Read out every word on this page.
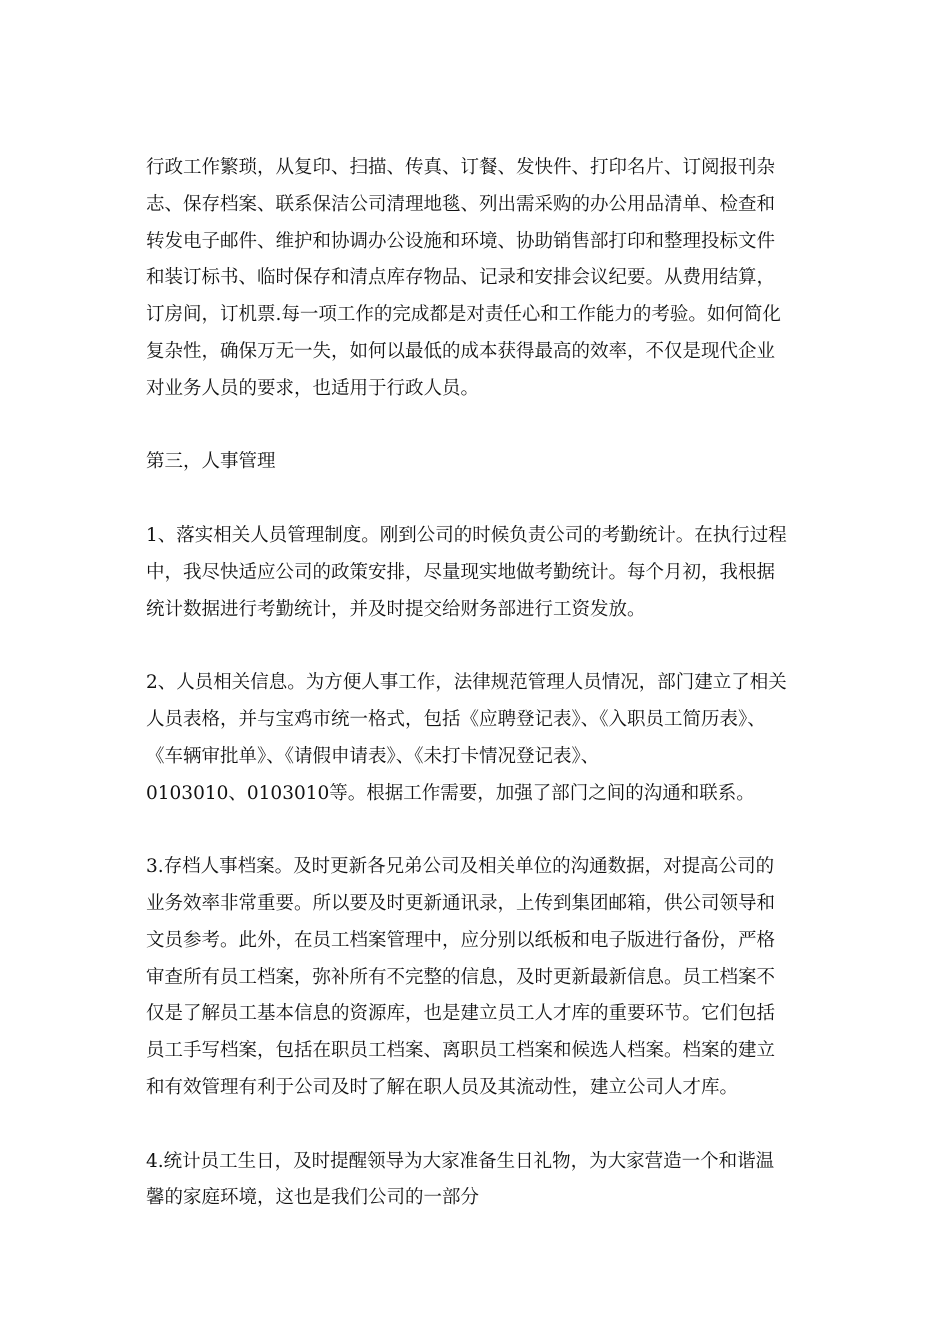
行政工作繁琐，从复印、扫描、传真、订餐、发快件、打印名片、订阅报刊杂
志、保存档案、联系保洁公司清理地毯、列出需采购的办公用品清单、检查和
转发电子邮件、维护和协调办公设施和环境、协助销售部打印和整理投标文件
和装订标书、临时保存和清点库存物品、记录和安排会议纪要。从费用结算，
订房间，订机票.每一项工作的完成都是对责任心和工作能力的考验。如何简化
复杂性，确保万无一失，如何以最低的成本获得最高的效率，不仅是现代企业
对业务人员的要求，也适用于行政人员。
第三，人事管理
1、落实相关人员管理制度。刚到公司的时候负责公司的考勤统计。在执行过程
中，我尽快适应公司的政策安排，尽量现实地做考勤统计。每个月初，我根据
统计数据进行考勤统计，并及时提交给财务部进行工资发放。
2、人员相关信息。为方便人事工作，法律规范管理人员情况，部门建立了相关
人员表格，并与宝鸡市统一格式，包括《应聘登记表》、《入职员工简历表》、
《车辆审批单》、《请假申请表》、《未打卡情况登记表》、
0103010、0103010等。根据工作需要，加强了部门之间的沟通和联系。
3.存档人事档案。及时更新各兄弟公司及相关单位的沟通数据，对提高公司的
业务效率非常重要。所以要及时更新通讯录，上传到集团邮箱，供公司领导和
文员参考。此外，在员工档案管理中，应分别以纸板和电子版进行备份，严格
审查所有员工档案，弥补所有不完整的信息，及时更新最新信息。员工档案不
仅是了解员工基本信息的资源库，也是建立员工人才库的重要环节。它们包括
员工手写档案，包括在职员工档案、离职员工档案和候选人档案。档案的建立
和有效管理有利于公司及时了解在职人员及其流动性，建立公司人才库。
4.统计员工生日，及时提醒领导为大家准备生日礼物，为大家营造一个和谐温
馨的家庭环境，这也是我们公司的一部分
